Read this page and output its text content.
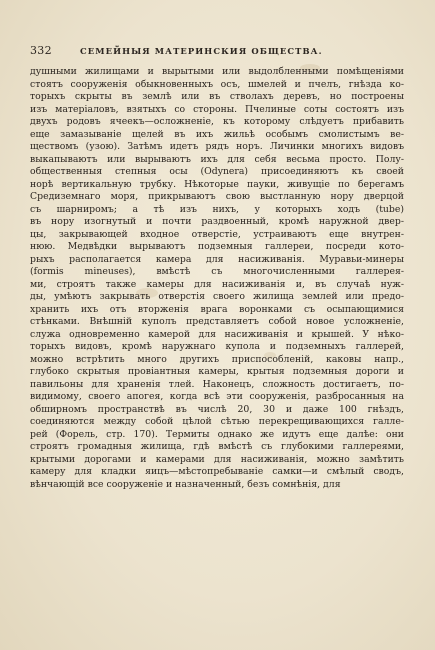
332	СЕМЕЙНЫЯ МАТЕРИНСКИЯ ОБЩЕСТВА.
душными жилищами и вырытыми или выдолбленными помѣщеніями
стоятъ сооруженія обыкновенныхъ осъ, шмелей и пчелъ, гнѣзда ко-
торыхъ скрыты въ землѣ или въ стволахъ деревъ, но построены
изъ матеріаловъ, взятыхъ со стороны. Пчелиные соты состоятъ изъ
двухъ родовъ ячеекъ—осложненіе, къ которому слѣдуетъ прибавить
еще замазываніе щелей въ ихъ жильѣ особымъ смолистымъ ве-
ществомъ (узою). Затѣмъ идетъ рядъ норъ. Личинки многихъ видовъ
выкапываютъ или вырываютъ ихъ для себя весьма просто. Полу-
общественныя степныя осы (Odynera) присоединяютъ къ своей
норѣ вертикальную трубку. Нѣкоторые пауки, живущіе по берегамъ
Средиземнаго моря, прикрываютъ свою выстланную нору дверцой
съ шарниромъ; а тѣ изъ нихъ, у которыхъ ходъ (tube)
въ нору изогнутый и почти раздвоенный, кромѣ наружной двер-
цы, закрывающей входное отверстіе, устраиваютъ еще внутрен-
нюю. Медвѣдки вырываютъ подземныя галлереи, посреди кото-
рыхъ располагается камера для насиживанія. Муравьи-минеры
(formis mineuses), вмѣстѣ съ многочисленными галлерея-
ми, строятъ также камеры для насиживанія и, въ случаѣ нуж-
ды, умѣютъ закрывать отверстія своего жилища землей или предо-
хранить ихъ отъ вторженія врага воронками съ осыпающимися
стѣнками. Внѣшній куполъ представляетъ собой новое усложненіе,
служа одновременно камерой для насиживанія и крышей. У нѣко-
торыхъ видовъ, кромѣ наружнаго купола и подземныхъ галлерей,
можно встрѣтить много другихъ приспособленій, каковы напр.,
глубоко скрытыя провіантныя камеры, крытыя подземныя дороги и
павильоны для храненія тлей. Наконецъ, сложность достигаетъ, по-
видимому, своего апогея, когда всѣ эти сооруженія, разбросанныя на
обширномъ пространствѣ въ числѣ 20, 30 и даже 100 гнѣздъ,
соединяются между собой цѣлой сѣтью перекрещивающихся галле-
рей (Форель, стр. 170). Термиты однако же идутъ еще далѣе: они
строятъ громадныя жилища, гдѣ вмѣстѣ съ глубокими галлереями,
крытыми дорогами и камерами для насиживанія, можно замѣтить
камеру для кладки яицъ—мѣстопребываніе самки—и смѣлый сводъ,
вѣнчающій все сооруженіе и назначенный, безъ сомнѣнія, для
